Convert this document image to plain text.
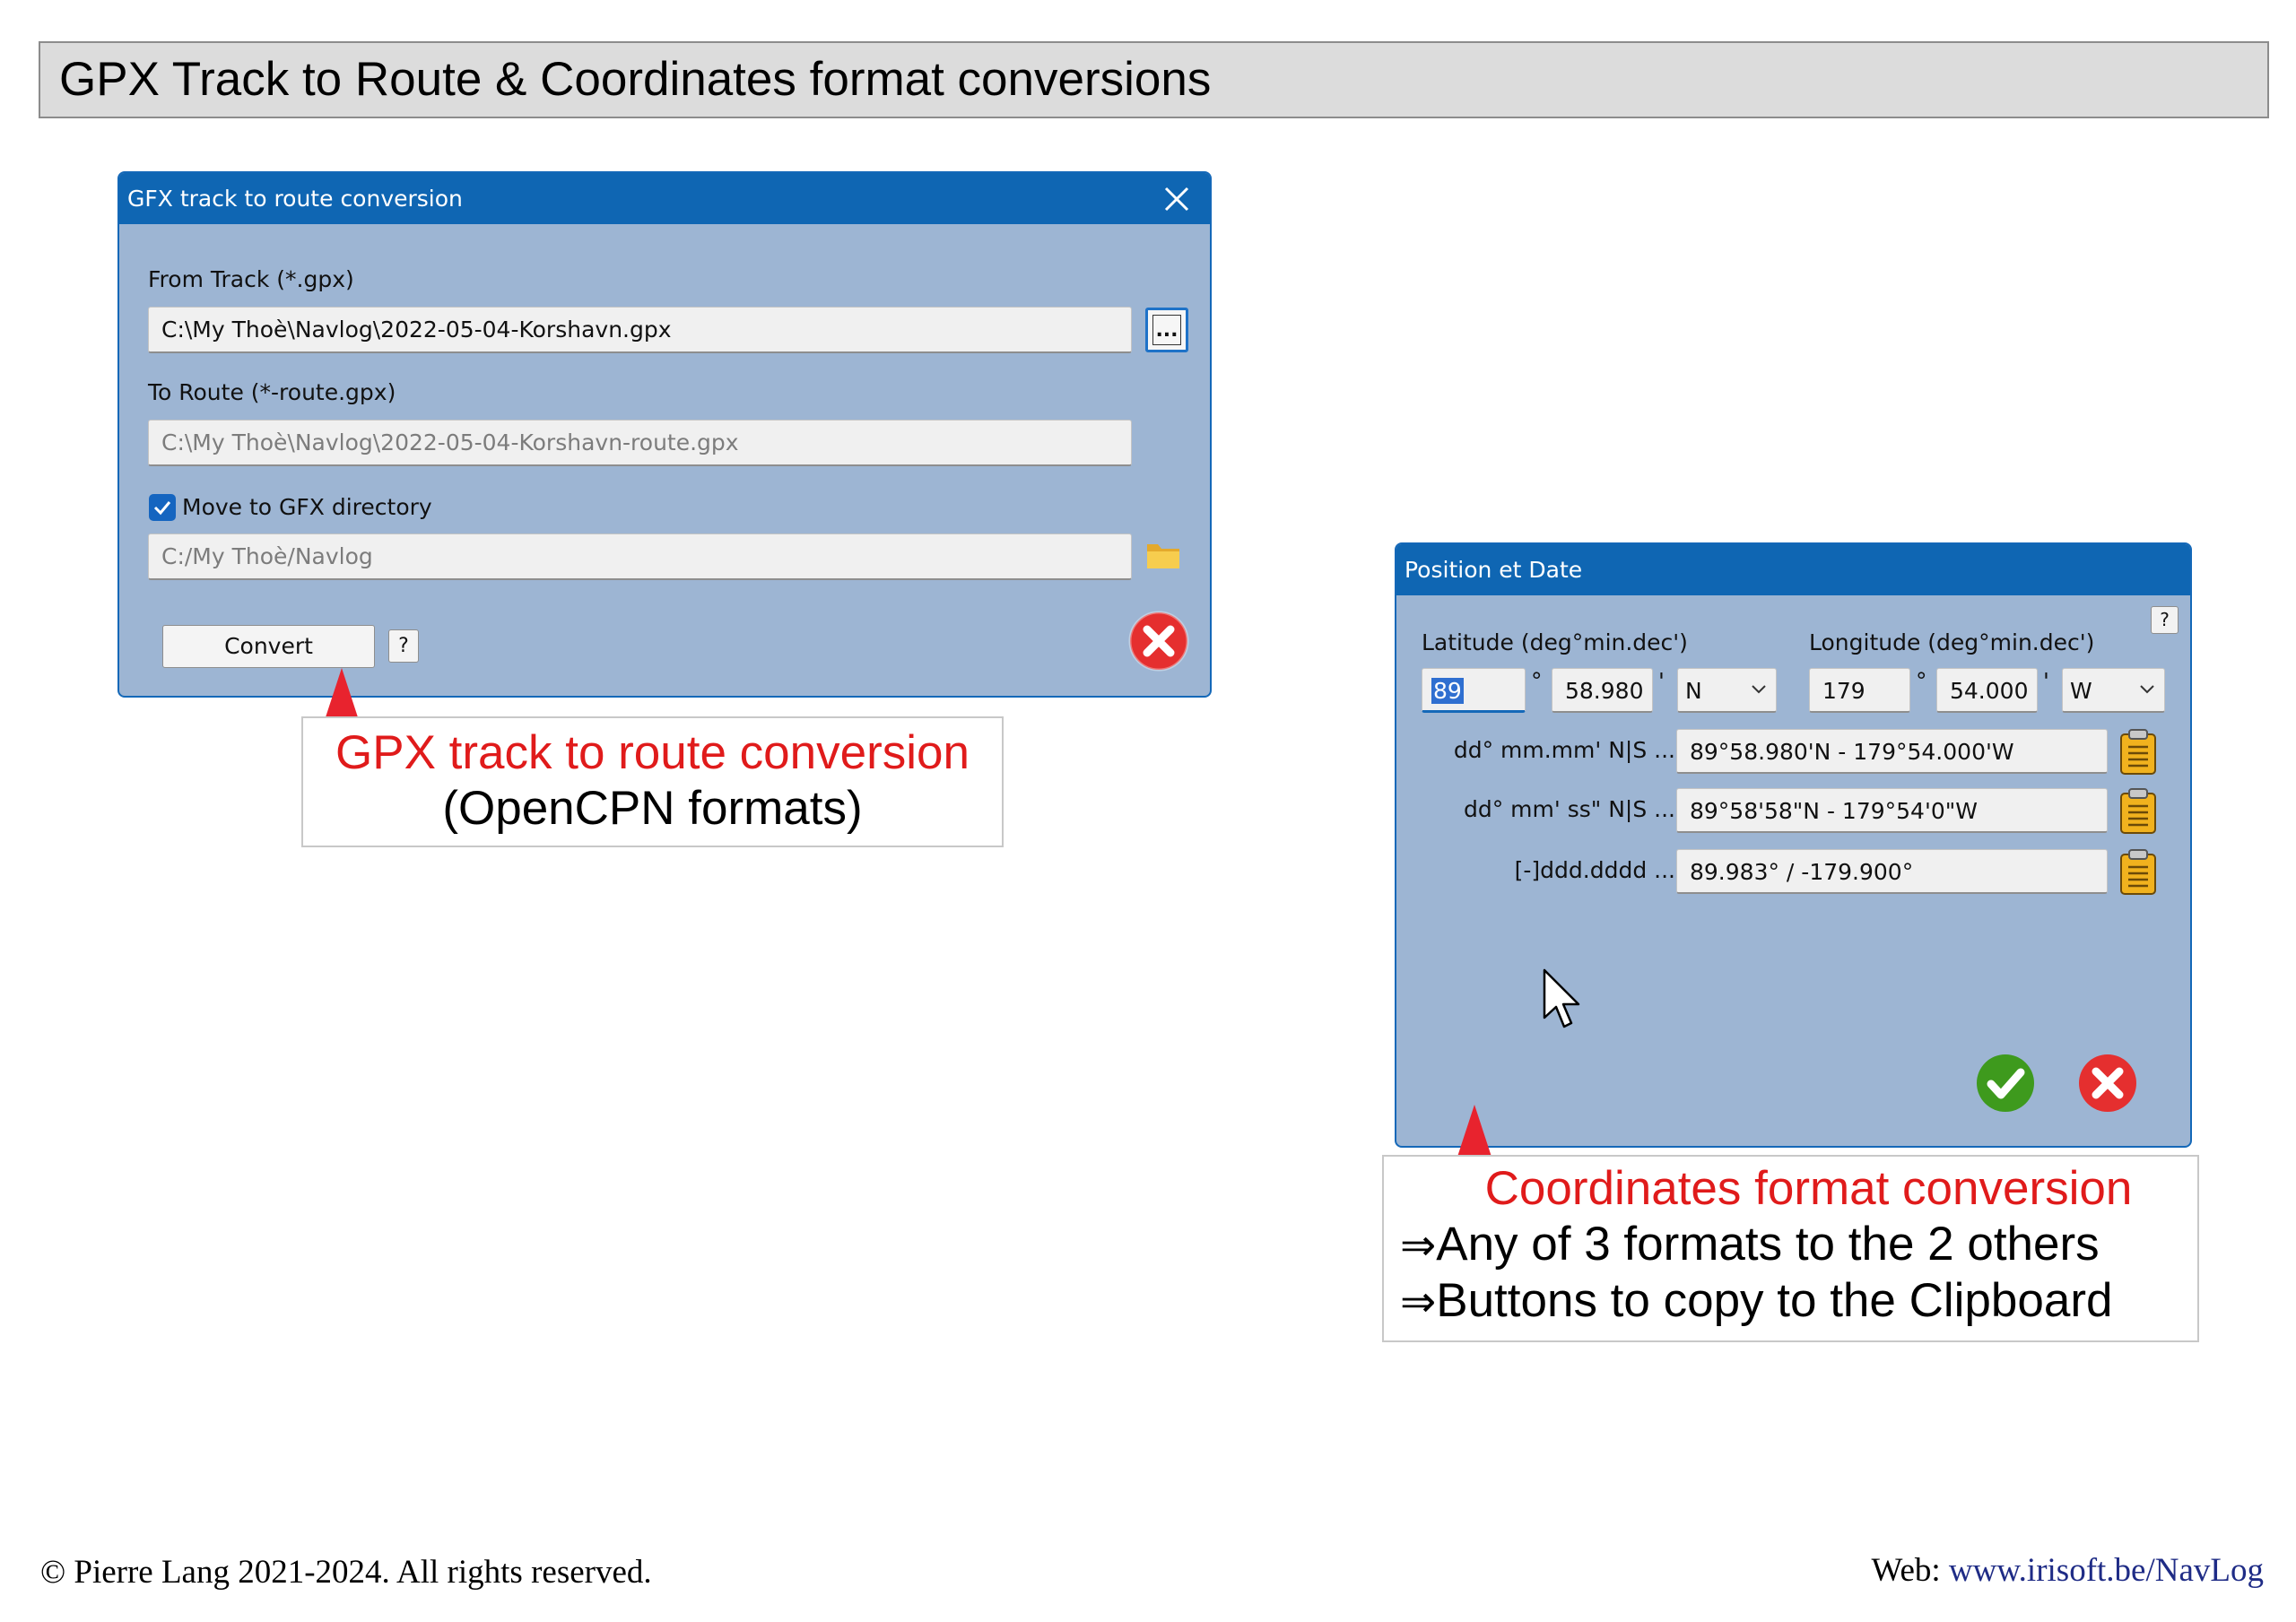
GPX Track to Route & Coordinates format conversions
GFX track to route conversion
From Track (*.gpx)
C:\My Thoè\Navlog\2022-05-04-Korshavn.gpx	...
To Route (*-route.gpx)
C:\My Thoè\Navlog\2022-05-04-Korshavn-route.gpx
Move to GFX directory
C:/My Thoè/Navlog
Convert	?
GPX track to route conversion
(OpenCPN formats)
Position et Date
?
Latitude (deg°min.dec')	Longitude (deg°min.dec')
89	°	58.980 ' N	179	°	54.000 ' W
dd° mm.mm' N|S ... 89°58.980'N - 179°54.000'W
dd° mm' ss" N|S ... 89°58'58"N - 179°54'0"W
[-]ddd.dddd ... 89.983° / -179.900°
Coordinates format conversion
⇒Any of 3 formats to the 2 others
⇒Buttons to copy to the Clipboard
© Pierre Lang 2021-2024. All rights reserved.	Web: www.irisoft.be/NavLog
